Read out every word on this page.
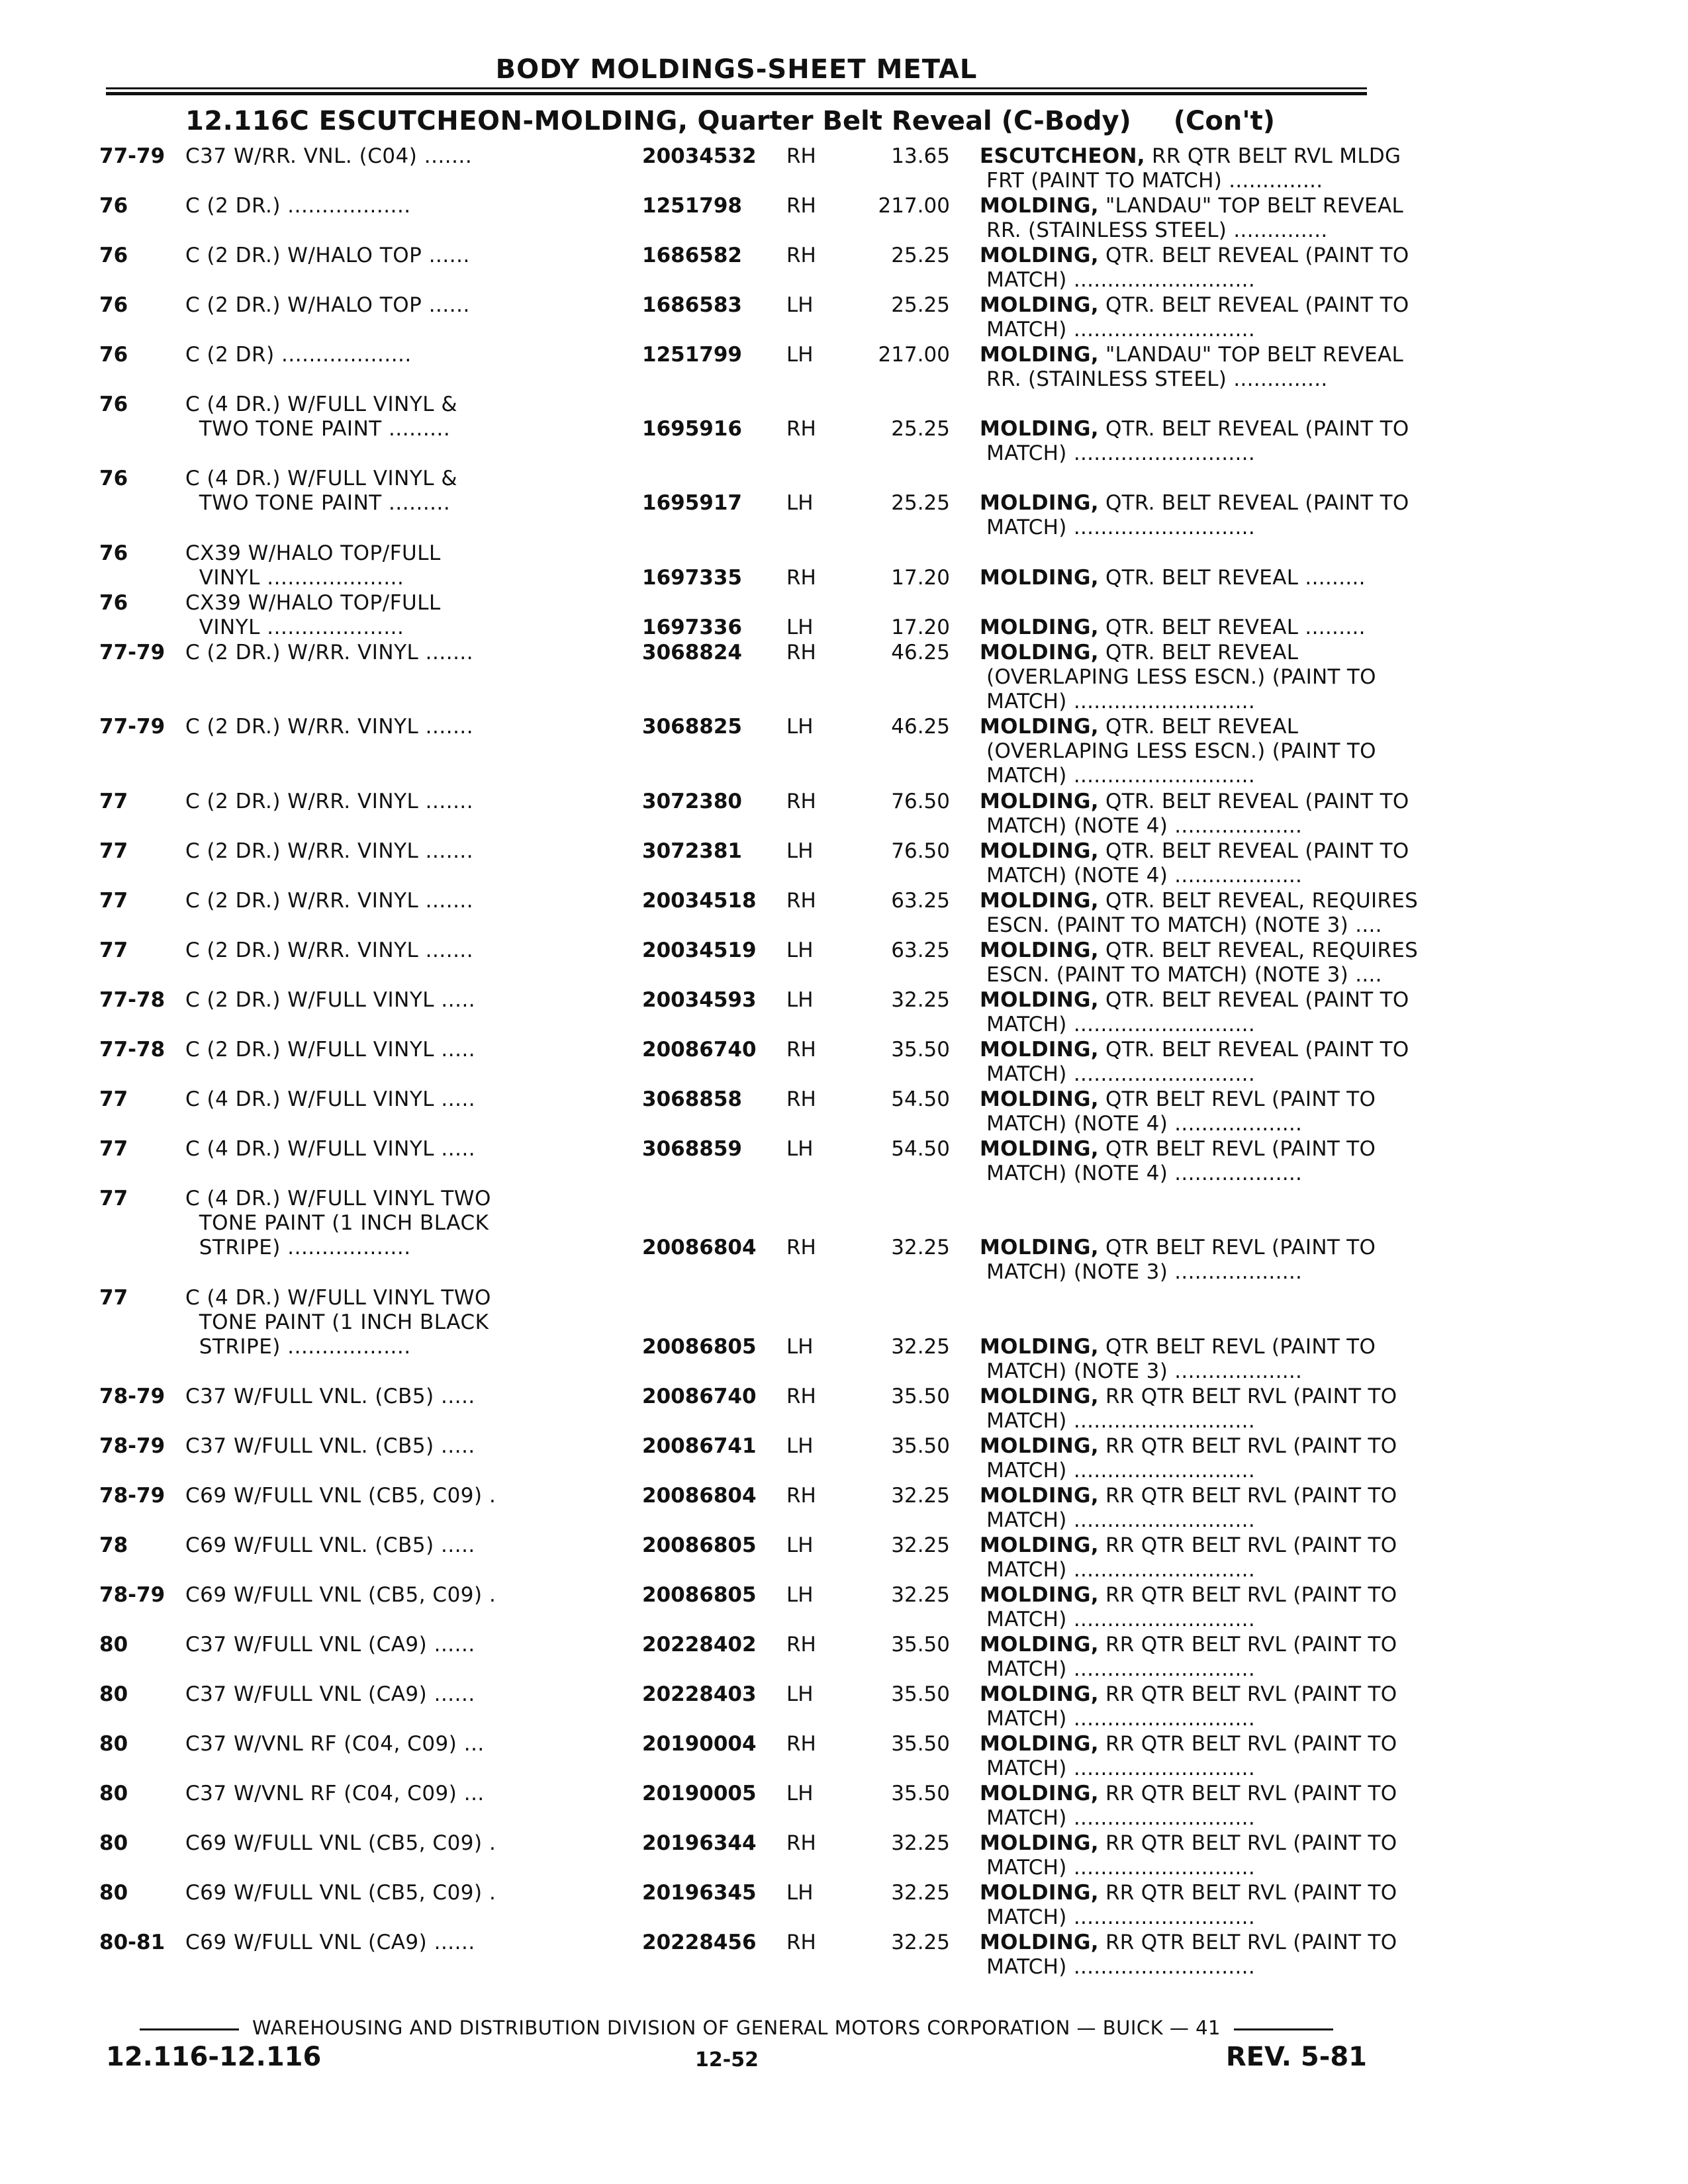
BODY MOLDINGS-SHEET METAL
12.116C ESCUTCHEON-MOLDING, Quarter Belt Reveal (C-Body) (Con't)
77-79 C37 W/RR. VNL. (C04) .......	20034532	RH	13.65 ESCUTCHEON, RR QTR BELT RVL MLDG
FRT (PAINT TO MATCH) ..............
76	C (2 DR.) ..................	1251798	RH	217.00 MOLDING, "LANDAU" TOP BELT REVEAL
RR. (STAINLESS STEEL) ..............
76	C (2 DR.) W/HALO TOP ......	1686582	RH	25.25 MOLDING, QTR. BELT REVEAL (PAINT TO
MATCH) ...........................
76	C (2 DR.) W/HALO TOP ......	1686583	LH	25.25 MOLDING, QTR. BELT REVEAL (PAINT TO
MATCH) ...........................
76	C (2 DR) ...................	1251799	LH	217.00 MOLDING, "LANDAU" TOP BELT REVEAL
RR. (STAINLESS STEEL) ..............
76	C (4 DR.) W/FULL VINYL &
TWO TONE PAINT .........	1695916	RH	25.25 MOLDING, QTR. BELT REVEAL (PAINT TO
MATCH) ...........................
76	C (4 DR.) W/FULL VINYL &
TWO TONE PAINT .........	1695917	LH	25.25 MOLDING, QTR. BELT REVEAL (PAINT TO
MATCH) ...........................
76	CX39 W/HALO TOP/FULL
VINYL ....................	1697335	RH	17.20 MOLDING, QTR. BELT REVEAL .........
76	CX39 W/HALO TOP/FULL
VINYL ....................	1697336	LH	17.20 MOLDING, QTR. BELT REVEAL .........
77-79 C (2 DR.) W/RR. VINYL .......	3068824	RH	46.25 MOLDING, QTR. BELT REVEAL
(OVERLAPING LESS ESCN.) (PAINT TO
MATCH) ...........................
77-79 C (2 DR.) W/RR. VINYL .......	3068825	LH	46.25 MOLDING, QTR. BELT REVEAL
(OVERLAPING LESS ESCN.) (PAINT TO
MATCH) ...........................
77	C (2 DR.) W/RR. VINYL .......	3072380	RH	76.50 MOLDING, QTR. BELT REVEAL (PAINT TO
MATCH) (NOTE 4) ...................
77	C (2 DR.) W/RR. VINYL .......	3072381	LH	76.50 MOLDING, QTR. BELT REVEAL (PAINT TO
MATCH) (NOTE 4) ...................
77	C (2 DR.) W/RR. VINYL .......	20034518	RH	63.25 MOLDING, QTR. BELT REVEAL, REQUIRES
ESCN. (PAINT TO MATCH) (NOTE 3) ....
77	C (2 DR.) W/RR. VINYL .......	20034519	LH	63.25 MOLDING, QTR. BELT REVEAL, REQUIRES
ESCN. (PAINT TO MATCH) (NOTE 3) ....
77-78 C (2 DR.) W/FULL VINYL .....	20034593	LH	32.25 MOLDING, QTR. BELT REVEAL (PAINT TO
MATCH) ...........................
77-78 C (2 DR.) W/FULL VINYL .....	20086740	RH	35.50 MOLDING, QTR. BELT REVEAL (PAINT TO
MATCH) ...........................
77	C (4 DR.) W/FULL VINYL .....	3068858	RH	54.50 MOLDING, QTR BELT REVL (PAINT TO
MATCH) (NOTE 4) ...................
77	C (4 DR.) W/FULL VINYL .....	3068859	LH	54.50 MOLDING, QTR BELT REVL (PAINT TO
MATCH) (NOTE 4) ...................
77	C (4 DR.) W/FULL VINYL TWO
TONE PAINT (1 INCH BLACK
STRIPE) ..................	20086804	RH	32.25 MOLDING, QTR BELT REVL (PAINT TO
MATCH) (NOTE 3) ...................
77	C (4 DR.) W/FULL VINYL TWO
TONE PAINT (1 INCH BLACK
STRIPE) ..................	20086805	LH	32.25 MOLDING, QTR BELT REVL (PAINT TO
MATCH) (NOTE 3) ...................
78-79 C37 W/FULL VNL. (CB5) .....	20086740	RH	35.50 MOLDING, RR QTR BELT RVL (PAINT TO
MATCH) ...........................
78-79 C37 W/FULL VNL. (CB5) .....	20086741	LH	35.50 MOLDING, RR QTR BELT RVL (PAINT TO
MATCH) ...........................
78-79 C69 W/FULL VNL (CB5, C09) .	20086804	RH	32.25 MOLDING, RR QTR BELT RVL (PAINT TO
MATCH) ...........................
78	C69 W/FULL VNL. (CB5) .....	20086805	LH	32.25 MOLDING, RR QTR BELT RVL (PAINT TO
MATCH) ...........................
78-79 C69 W/FULL VNL (CB5, C09) .	20086805	LH	32.25 MOLDING, RR QTR BELT RVL (PAINT TO
MATCH) ...........................
80	C37 W/FULL VNL (CA9) ......	20228402	RH	35.50 MOLDING, RR QTR BELT RVL (PAINT TO
MATCH) ...........................
80	C37 W/FULL VNL (CA9) ......	20228403	LH	35.50 MOLDING, RR QTR BELT RVL (PAINT TO
MATCH) ...........................
80	C37 W/VNL RF (C04, C09) ...	20190004	RH	35.50 MOLDING, RR QTR BELT RVL (PAINT TO
MATCH) ...........................
80	C37 W/VNL RF (C04, C09) ...	20190005	LH	35.50 MOLDING, RR QTR BELT RVL (PAINT TO
MATCH) ...........................
80	C69 W/FULL VNL (CB5, C09) .	20196344	RH	32.25 MOLDING, RR QTR BELT RVL (PAINT TO
MATCH) ...........................
80	C69 W/FULL VNL (CB5, C09) .	20196345	LH	32.25 MOLDING, RR QTR BELT RVL (PAINT TO
MATCH) ...........................
80-81 C69 W/FULL VNL (CA9) ......	20228456	RH	32.25 MOLDING, RR QTR BELT RVL (PAINT TO
MATCH) ...........................
WAREHOUSING AND DISTRIBUTION DIVISION OF GENERAL MOTORS CORPORATION — BUICK — 41
12.116-12.116	12-52	REV. 5-81
